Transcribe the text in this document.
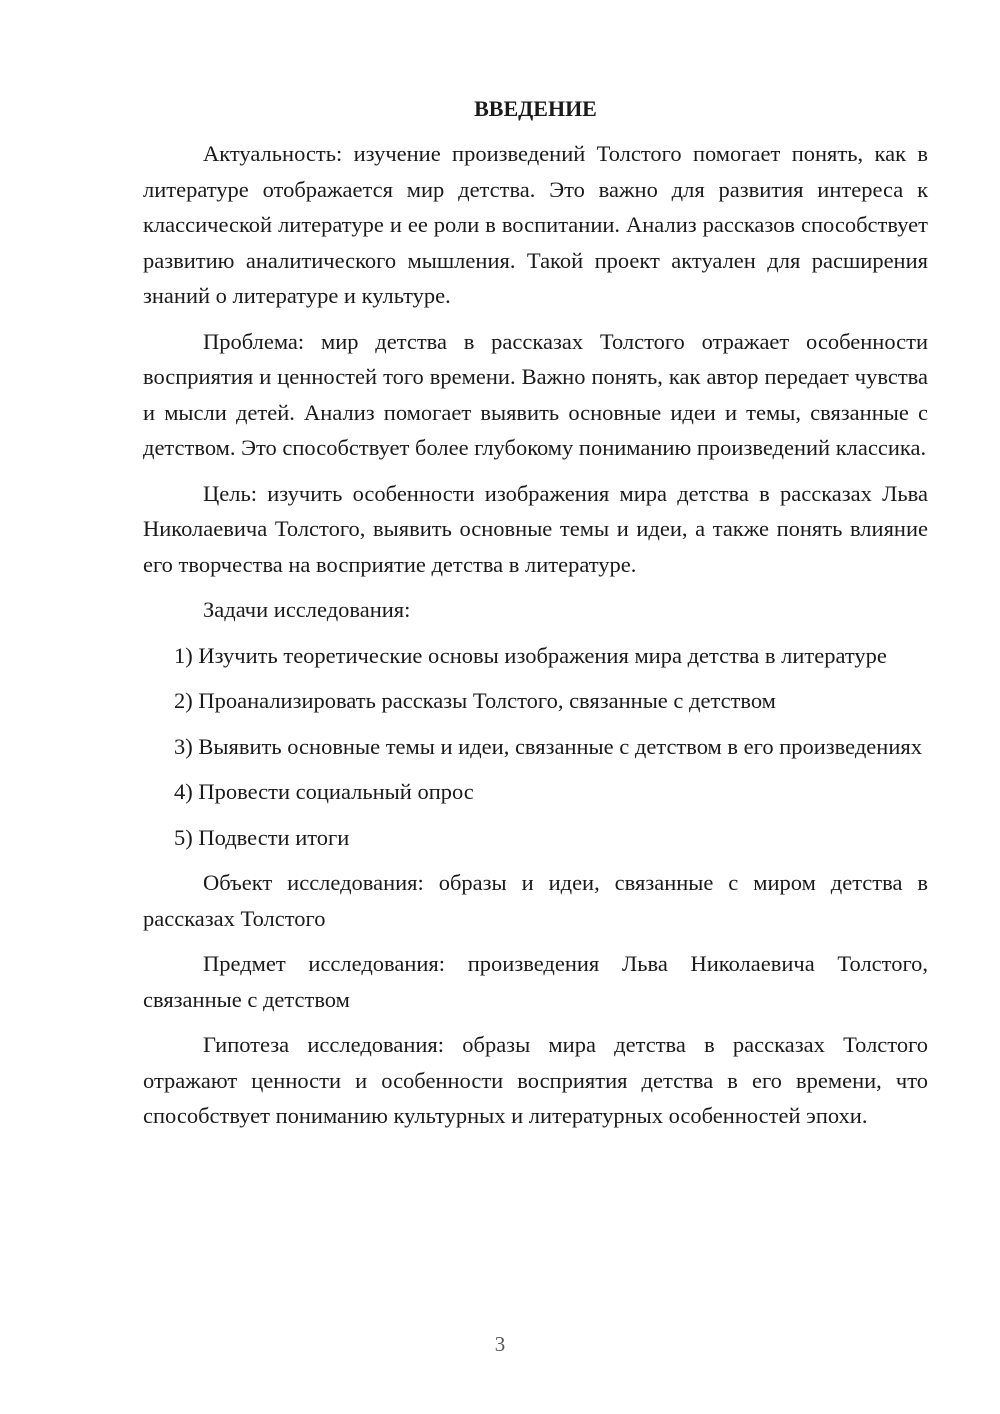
ВВЕДЕНИЕ

Актуальность: изучение произведений Толстого помогает понять, как в литературе отображается мир детства. Это важно для развития интереса к классической литературе и ее роли в воспитании. Анализ рассказов способствует развитию аналитического мышления. Такой проект актуален для расширения знаний о литературе и культуре.

Проблема: мир детства в рассказах Толстого отражает особенности восприятия и ценностей того времени. Важно понять, как автор передает чувства и мысли детей. Анализ помогает выявить основные идеи и темы, связанные с детством. Это способствует более глубокому пониманию произведений классика.

Цель: изучить особенности изображения мира детства в рассказах Льва Николаевича Толстого, выявить основные темы и идеи, а также понять влияние его творчества на восприятие детства в литературе.

Задачи исследования:

1) Изучить теоретические основы изображения мира детства в литературе

2) Проанализировать рассказы Толстого, связанные с детством

3) Выявить основные темы и идеи, связанные с детством в его произведениях

4) Провести социальный опрос

5) Подвести итоги

Объект исследования: образы и идеи, связанные с миром детства в рассказах Толстого

Предмет исследования: произведения Льва Николаевича Толстого, связанные с детством

Гипотеза исследования: образы мира детства в рассказах Толстого отражают ценности и особенности восприятия детства в его времени, что способствует пониманию культурных и литературных особенностей эпохи.

3
